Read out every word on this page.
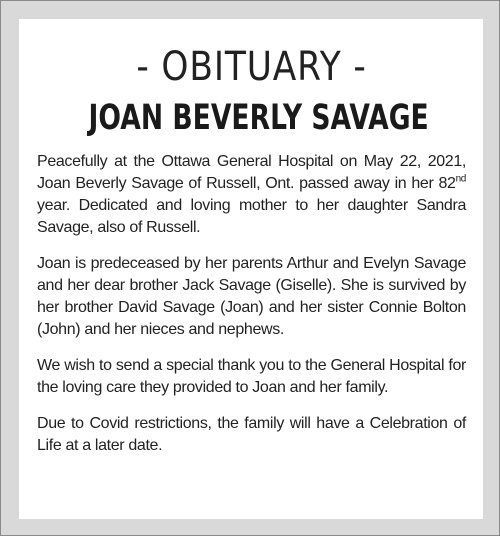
- OBITUARY -
JOAN BEVERLY SAVAGE

Peacefully at the Ottawa General Hospital on May 22, 2021, Joan Beverly Savage of Russell, Ont. passed away in her 82nd year. Dedicated and loving mother to her daughter Sandra Savage, also of Russell.

Joan is predeceased by her parents Arthur and Evelyn Savage and her dear brother Jack Savage (Giselle). She is survived by her brother David Savage (Joan) and her sister Connie Bolton (John) and her nieces and nephews.

We wish to send a special thank you to the General Hospital for the loving care they provided to Joan and her family.

Due to Covid restrictions, the family will have a Celebration of Life at a later date.
